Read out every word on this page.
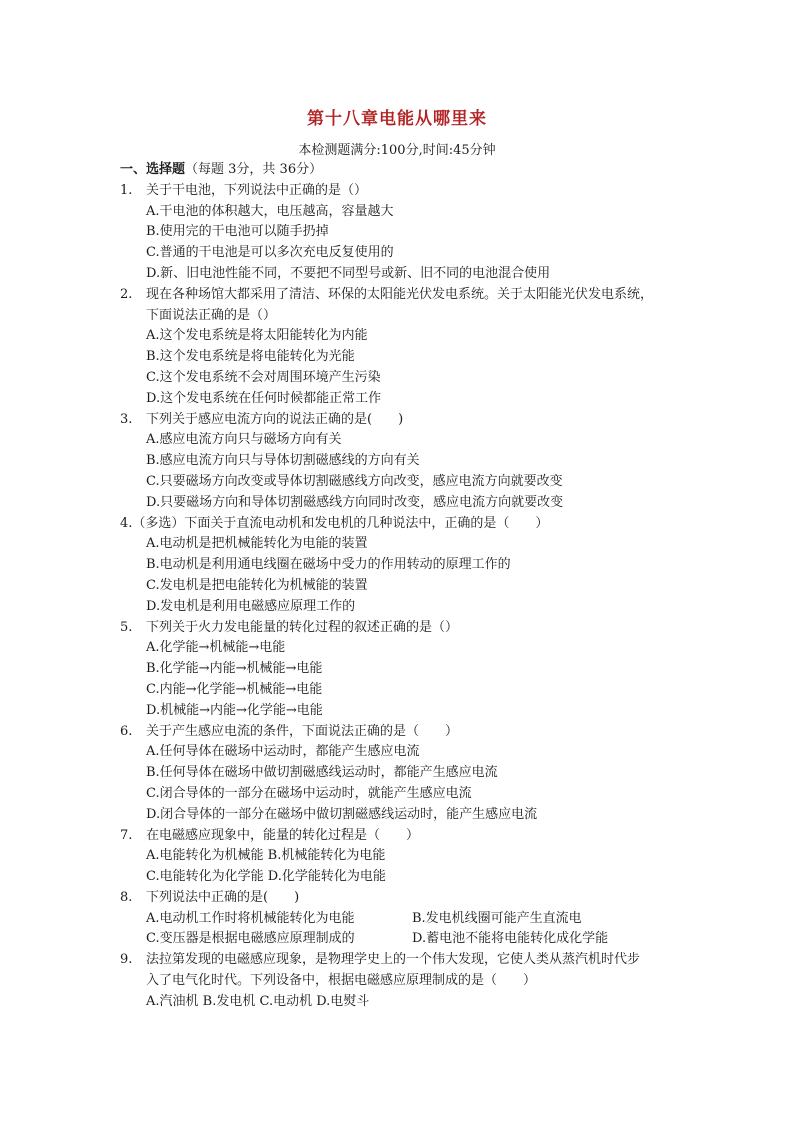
第十八章电能从哪里来
本检测题满分:100分,时间:45分钟
一、选择题（每题 3分，共 36分）
1. 关于干电池，下列说法中正确的是（）
A.干电池的体积越大，电压越高，容量越大
B.使用完的干电池可以随手扔掉
C.普通的干电池是可以多次充电反复使用的
D.新、旧电池性能不同，不要把不同型号或新、旧不同的电池混合使用
2. 现在各种场馆大都采用了清洁、环保的太阳能光伏发电系统。关于太阳能光伏发电系统，
下面说法正确的是（）
A.这个发电系统是将太阳能转化为内能
B.这个发电系统是将电能转化为光能
C.这个发电系统不会对周围环境产生污染
D.这个发电系统在任何时候都能正常工作
3. 下列关于感应电流方向的说法正确的是(　　)
A.感应电流方向只与磁场方向有关
B.感应电流方向只与导体切割磁感线的方向有关
C.只要磁场方向改变或导体切割磁感线方向改变，感应电流方向就要改变
D.只要磁场方向和导体切割磁感线方向同时改变，感应电流方向就要改变
4.（多选）下面关于直流电动机和发电机的几种说法中，正确的是（　　）
A.电动机是把机械能转化为电能的装置
B.电动机是利用通电线圈在磁场中受力的作用转动的原理工作的
C.发电机是把电能转化为机械能的装置
D.发电机是利用电磁感应原理工作的
5. 下列关于火力发电能量的转化过程的叙述正确的是（）
A.化学能→机械能→电能
B.化学能→内能→机械能→电能
C.内能→化学能→机械能→电能
D.机械能→内能→化学能→电能
6. 关于产生感应电流的条件，下面说法正确的是（　　）
A.任何导体在磁场中运动时，都能产生感应电流
B.任何导体在磁场中做切割磁感线运动时，都能产生感应电流
C.闭合导体的一部分在磁场中运动时，就能产生感应电流
D.闭合导体的一部分在磁场中做切割磁感线运动时，能产生感应电流
7. 在电磁感应现象中，能量的转化过程是（　　）
A.电能转化为机械能 B.机械能转化为电能
C.电能转化为化学能 D.化学能转化为电能
8. 下列说法中正确的是(　　)
A.电动机工作时将机械能转化为电能	B.发电机线圈可能产生直流电
C.变压器是根据电磁感应原理制成的	D.蓄电池不能将电能转化成化学能
9. 法拉第发现的电磁感应现象，是物理学史上的一个伟大发现，它使人类从蒸汽机时代步
入了电气化时代。下列设备中，根据电磁感应原理制成的是（　　）
A.汽油机 B.发电机 C.电动机 D.电熨斗
